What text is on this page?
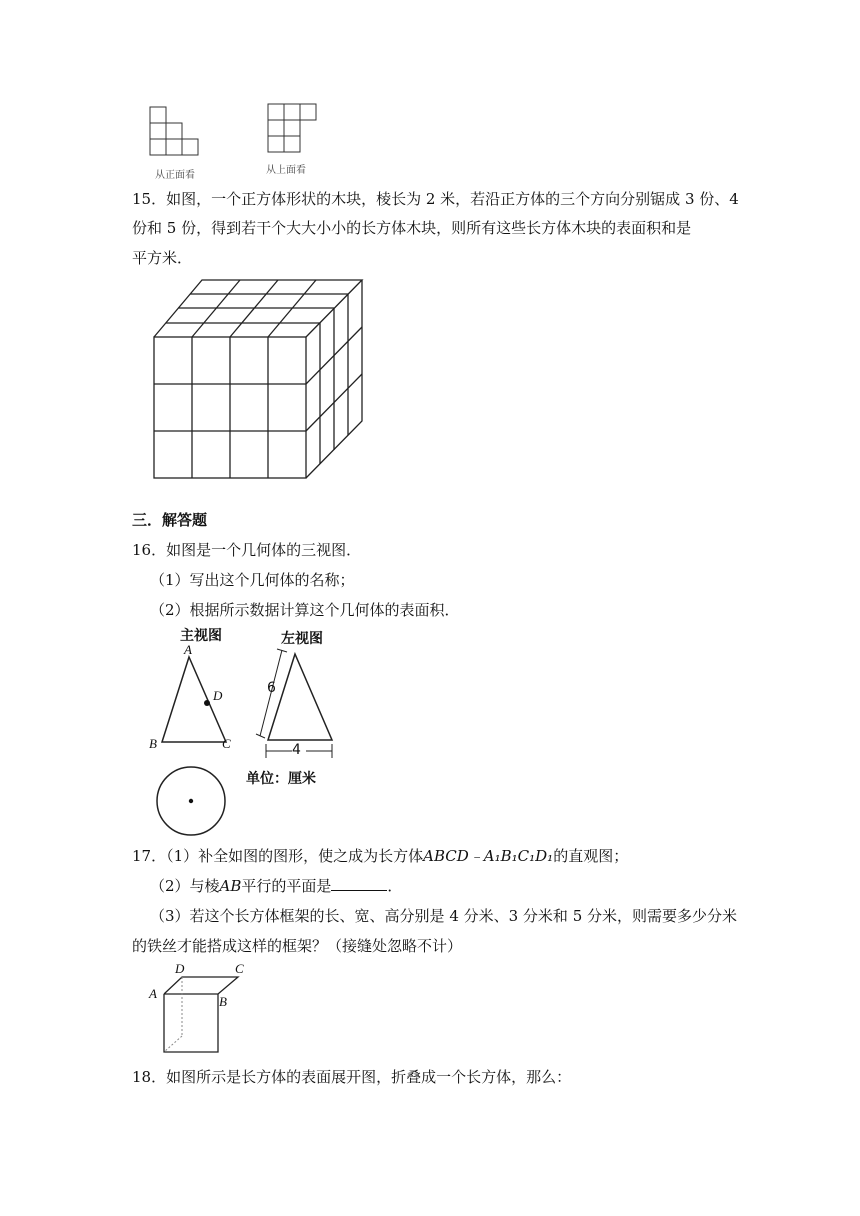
从正面看	从上面看
15．如图，一个正方体形状的木块，棱长为 2 米，若沿正方体的三个方向分别锯成 3 份、4
份和 5 份，得到若干个大大小小的长方体木块，则所有这些长方体木块的表面积和是
平方米．
三．解答题
16．如图是一个几何体的三视图．
（1）写出这个几何体的名称；
（2）根据所示数据计算这个几何体的表面积．
主视图	左视图
A
D
B	C
6
4
单位：厘米
17．（1）补全如图的图形，使之成为长方体ABCD﹣A₁B₁C₁D₁的直观图；
（2）与棱AB平行的平面是	．
（3）若这个长方体框架的长、宽、高分别是 4 分米、3 分米和 5 分米，则需要多少分米
的铁丝才能搭成这样的框架？（接缝处忽略不计）
D	C
A
B
18．如图所示是长方体的表面展开图，折叠成一个长方体，那么：
